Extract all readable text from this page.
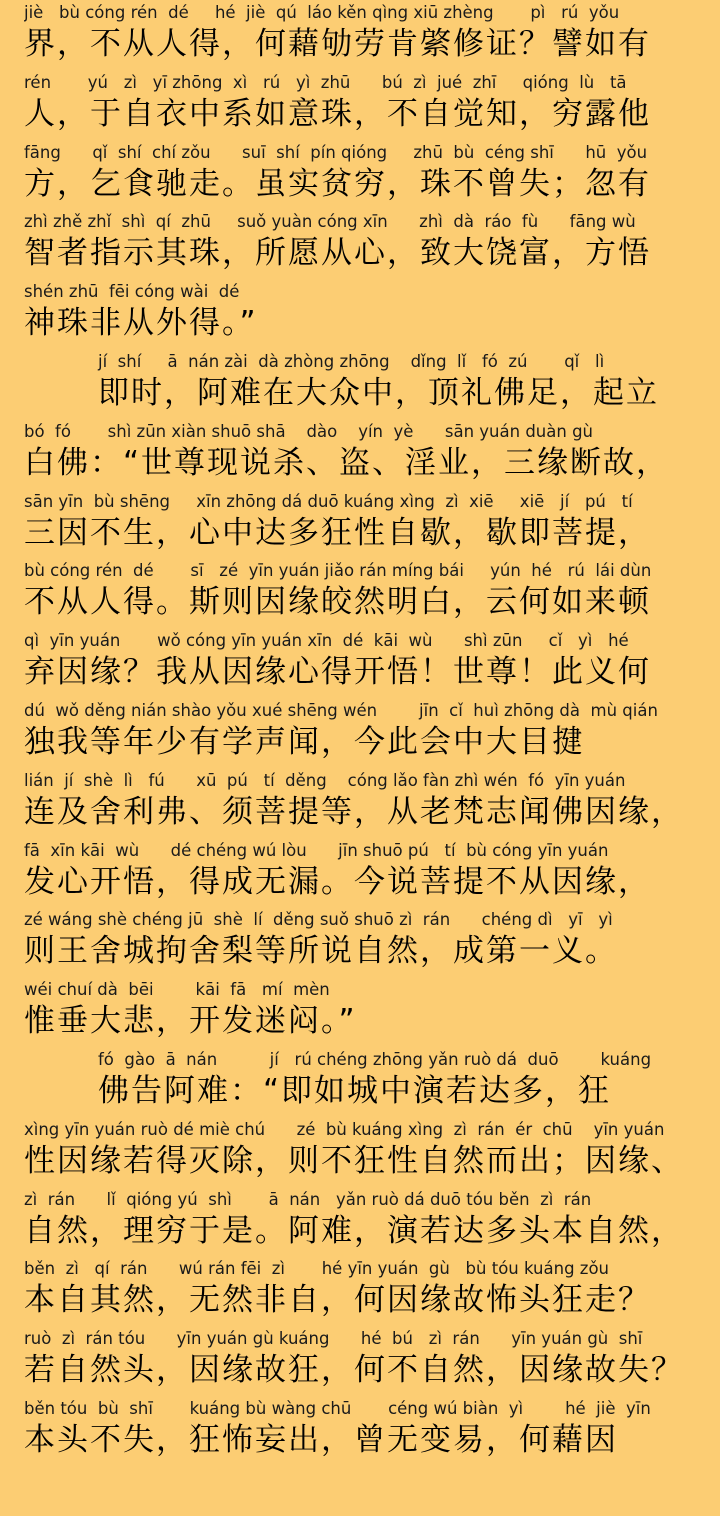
jiè   bù cóng rén  dé     hé  jiè  qú  láo kěn qìng xiū zhèng       pì   rú  yǒu
界，不从人得，何藉劬劳肯綮修证？譬如有
rén       yú   zì   yī zhōng  xì   rú   yì  zhū      bú  zì  jué  zhī     qióng  lù   tā
人，于自衣中系如意珠，不自觉知，穷露他
fāng      qǐ  shí  chí zǒu      suī  shí  pín qióng     zhū  bù  céng shī      hū  yǒu
方，乞食驰走。虽实贫穷，珠不曾失；忽有
zhì zhě zhǐ  shì  qí  zhū     suǒ yuàn cóng xīn      zhì  dà  ráo  fù      fāng wù
智者指示其珠，所愿从心，致大饶富，方悟
shén zhū  fēi cóng wài  dé
神珠非从外得。”
jí  shí     ā  nán zài  dà zhòng zhōng    dǐng  lǐ   fó  zú       qǐ   lì
即时，阿难在大众中，顶礼佛足，起立
bó  fó       shì zūn xiàn shuō shā    dào    yín  yè      sān yuán duàn gù
白佛：“世尊现说杀、盗、淫业，三缘断故，
sān yīn  bù shēng     xīn zhōng dá duō kuáng xìng  zì  xiē     xiē   jí   pú   tí
三因不生，心中达多狂性自歇，歇即菩提，
bù cóng rén  dé       sī   zé  yīn yuán jiǎo rán míng bái     yún  hé   rú  lái dùn
不从人得。斯则因缘皎然明白，云何如来顿
qì  yīn yuán       wǒ cóng yīn yuán xīn  dé  kāi  wù      shì zūn     cǐ   yì   hé
弃因缘？我从因缘心得开悟！世尊！此义何
dú  wǒ děng nián shào yǒu xué shēng wén        jīn  cǐ  huì zhōng dà  mù qián
独我等年少有学声闻，今此会中大目揵
lián  jí  shè  lì   fú      xū  pú   tí  děng    cóng lǎo fàn zhì wén  fó  yīn yuán
连及舍利弗、须菩提等，从老梵志闻佛因缘，
fā  xīn kāi  wù      dé chéng wú lòu      jīn shuō pú   tí  bù cóng yīn yuán
发心开悟，得成无漏。今说菩提不从因缘，
zé wáng shè chéng jū  shè  lí  děng suǒ shuō zì  rán      chéng dì   yī   yì
则王舍城拘舍梨等所说自然，成第一义。
wéi chuí dà  bēi        kāi  fā   mí  mèn
惟垂大悲，开发迷闷。”
fó  gào  ā  nán          jí   rú chéng zhōng yǎn ruò dá  duō        kuáng
佛告阿难：“即如城中演若达多，狂
xìng yīn yuán ruò dé miè chú      zé  bù kuáng xìng  zì  rán  ér  chū    yīn yuán
性因缘若得灭除，则不狂性自然而出；因缘、
zì  rán      lǐ  qióng yú  shì       ā  nán   yǎn ruò dá duō tóu běn  zì  rán
自然，理穷于是。阿难，演若达多头本自然，
běn  zì   qí  rán      wú rán fēi  zì       hé yīn yuán  gù   bù tóu kuáng zǒu
本自其然，无然非自，何因缘故怖头狂走？
ruò  zì  rán tóu      yīn yuán gù kuáng      hé  bú   zì  rán      yīn yuán gù  shī
若自然头，因缘故狂，何不自然，因缘故失？
běn tóu  bù  shī       kuáng bù wàng chū       céng wú biàn  yì        hé  jiè  yīn
本头不失，狂怖妄出，曾无变易，何藉因
